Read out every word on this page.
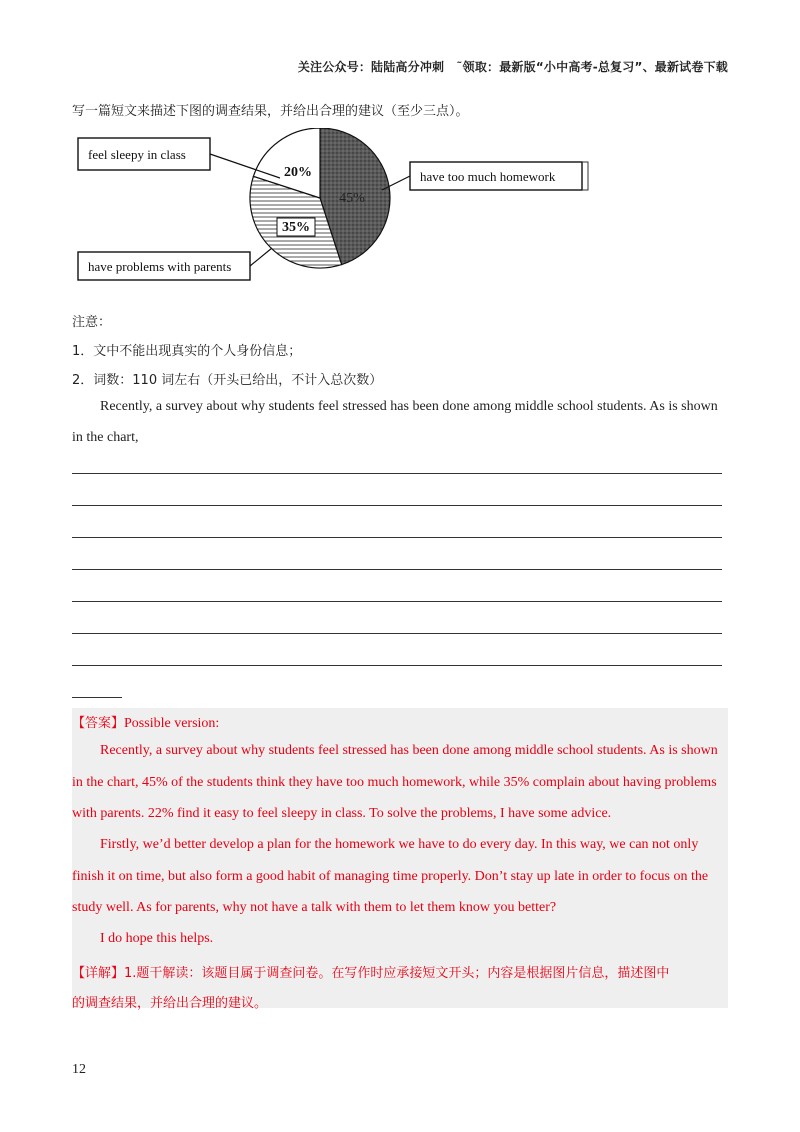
关注公众号：陆陆高分冲刺　˜领取：最新版“小中高考-总复习”、最新试卷下载
写一篇短文来描述下图的调查结果，并给出合理的建议（至少三点）。
45%
35%
20%	have too much homework
have problems with parents
feel sleepy in class
注意：
1．文中不能出现真实的个人身份信息；
2．词数：110 词左右（开头已给出，不计入总次数）
Recently, a survey about why students feel stressed has been done among middle school students. As is shown
in the chart,
【答案】Possible version:
Recently, a survey about why students feel stressed has been done among middle school students. As is shown
in the chart, 45% of the students think they have too much homework, while 35% complain about having problems
with parents. 22% find it easy to feel sleepy in class. To solve the problems, I have some advice.
Firstly, we’d better develop a plan for the homework we have to do every day. In this way, we can not only
finish it on time, but also form a good habit of managing time properly. Don’t stay up late in order to focus on the
study well. As for parents, why not have a talk with them to let them know you better?
I do hope this helps.
【详解】1.题干解读：该题目属于调查问卷。在写作时应承接短文开头；内容是根据图片信息，描述图中
的调查结果，并给出合理的建议。
12
